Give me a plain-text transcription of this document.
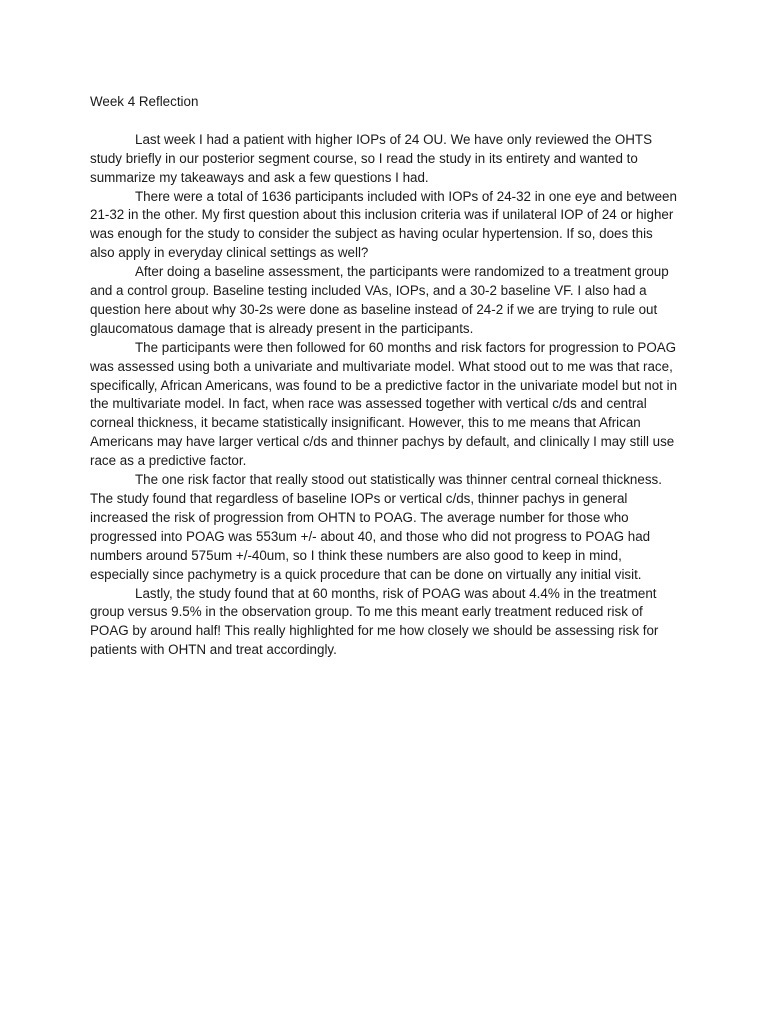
Week 4 Reflection

Last week I had a patient with higher IOPs of 24 OU. We have only reviewed the OHTS study briefly in our posterior segment course, so I read the study in its entirety and wanted to summarize my takeaways and ask a few questions I had.

There were a total of 1636 participants included with IOPs of 24-32 in one eye and between 21-32 in the other. My first question about this inclusion criteria was if unilateral IOP of 24 or higher was enough for the study to consider the subject as having ocular hypertension. If so, does this also apply in everyday clinical settings as well?

After doing a baseline assessment, the participants were randomized to a treatment group and a control group. Baseline testing included VAs, IOPs, and a 30-2 baseline VF. I also had a question here about why 30-2s were done as baseline instead of 24-2 if we are trying to rule out glaucomatous damage that is already present in the participants.

The participants were then followed for 60 months and risk factors for progression to POAG was assessed using both a univariate and multivariate model. What stood out to me was that race, specifically, African Americans, was found to be a predictive factor in the univariate model but not in the multivariate model. In fact, when race was assessed together with vertical c/ds and central corneal thickness, it became statistically insignificant. However, this to me means that African Americans may have larger vertical c/ds and thinner pachys by default, and clinically I may still use race as a predictive factor.

The one risk factor that really stood out statistically was thinner central corneal thickness. The study found that regardless of baseline IOPs or vertical c/ds, thinner pachys in general increased the risk of progression from OHTN to POAG. The average number for those who progressed into POAG was 553um +/- about 40, and those who did not progress to POAG had numbers around 575um +/-40um, so I think these numbers are also good to keep in mind, especially since pachymetry is a quick procedure that can be done on virtually any initial visit.

Lastly, the study found that at 60 months, risk of POAG was about 4.4% in the treatment group versus 9.5% in the observation group. To me this meant early treatment reduced risk of POAG by around half! This really highlighted for me how closely we should be assessing risk for patients with OHTN and treat accordingly.
